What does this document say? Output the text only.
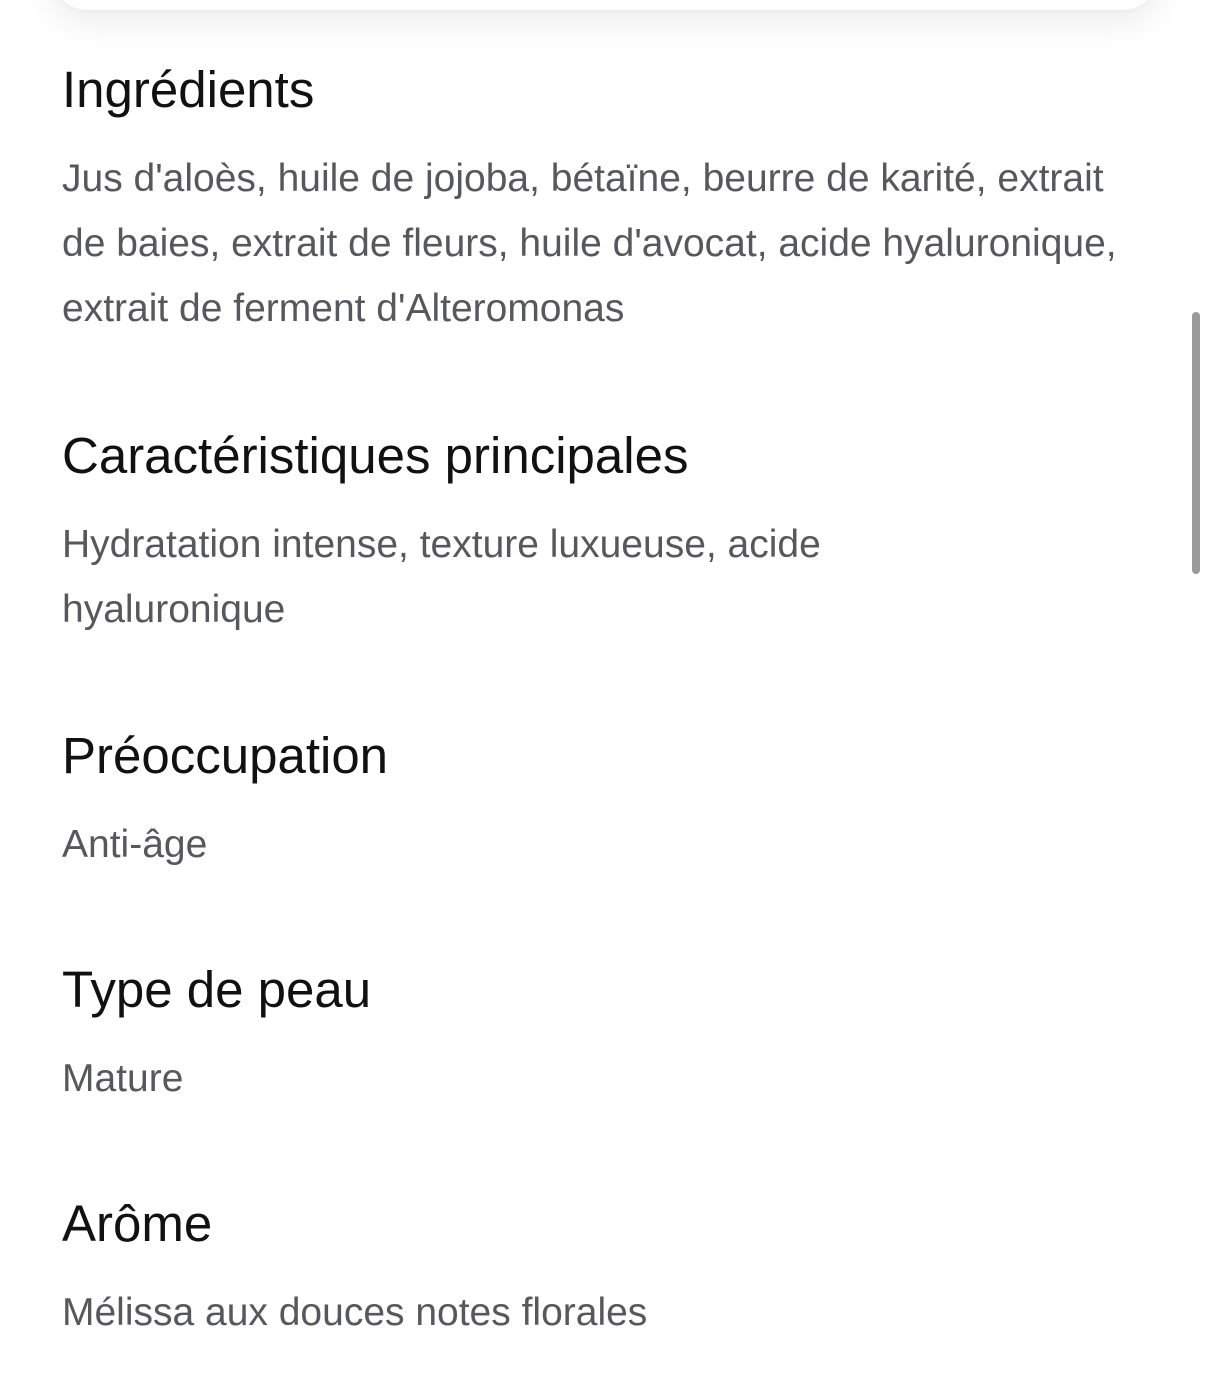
Ingrédients

Jus d'aloès, huile de jojoba, bétaïne, beurre de karité, extrait de baies, extrait de fleurs, huile d'avocat, acide hyaluronique, extrait de ferment d'Alteromonas

Caractéristiques principales

Hydratation intense, texture luxueuse, acide hyaluronique

Préoccupation

Anti-âge

Type de peau

Mature

Arôme

Mélissa aux douces notes florales
